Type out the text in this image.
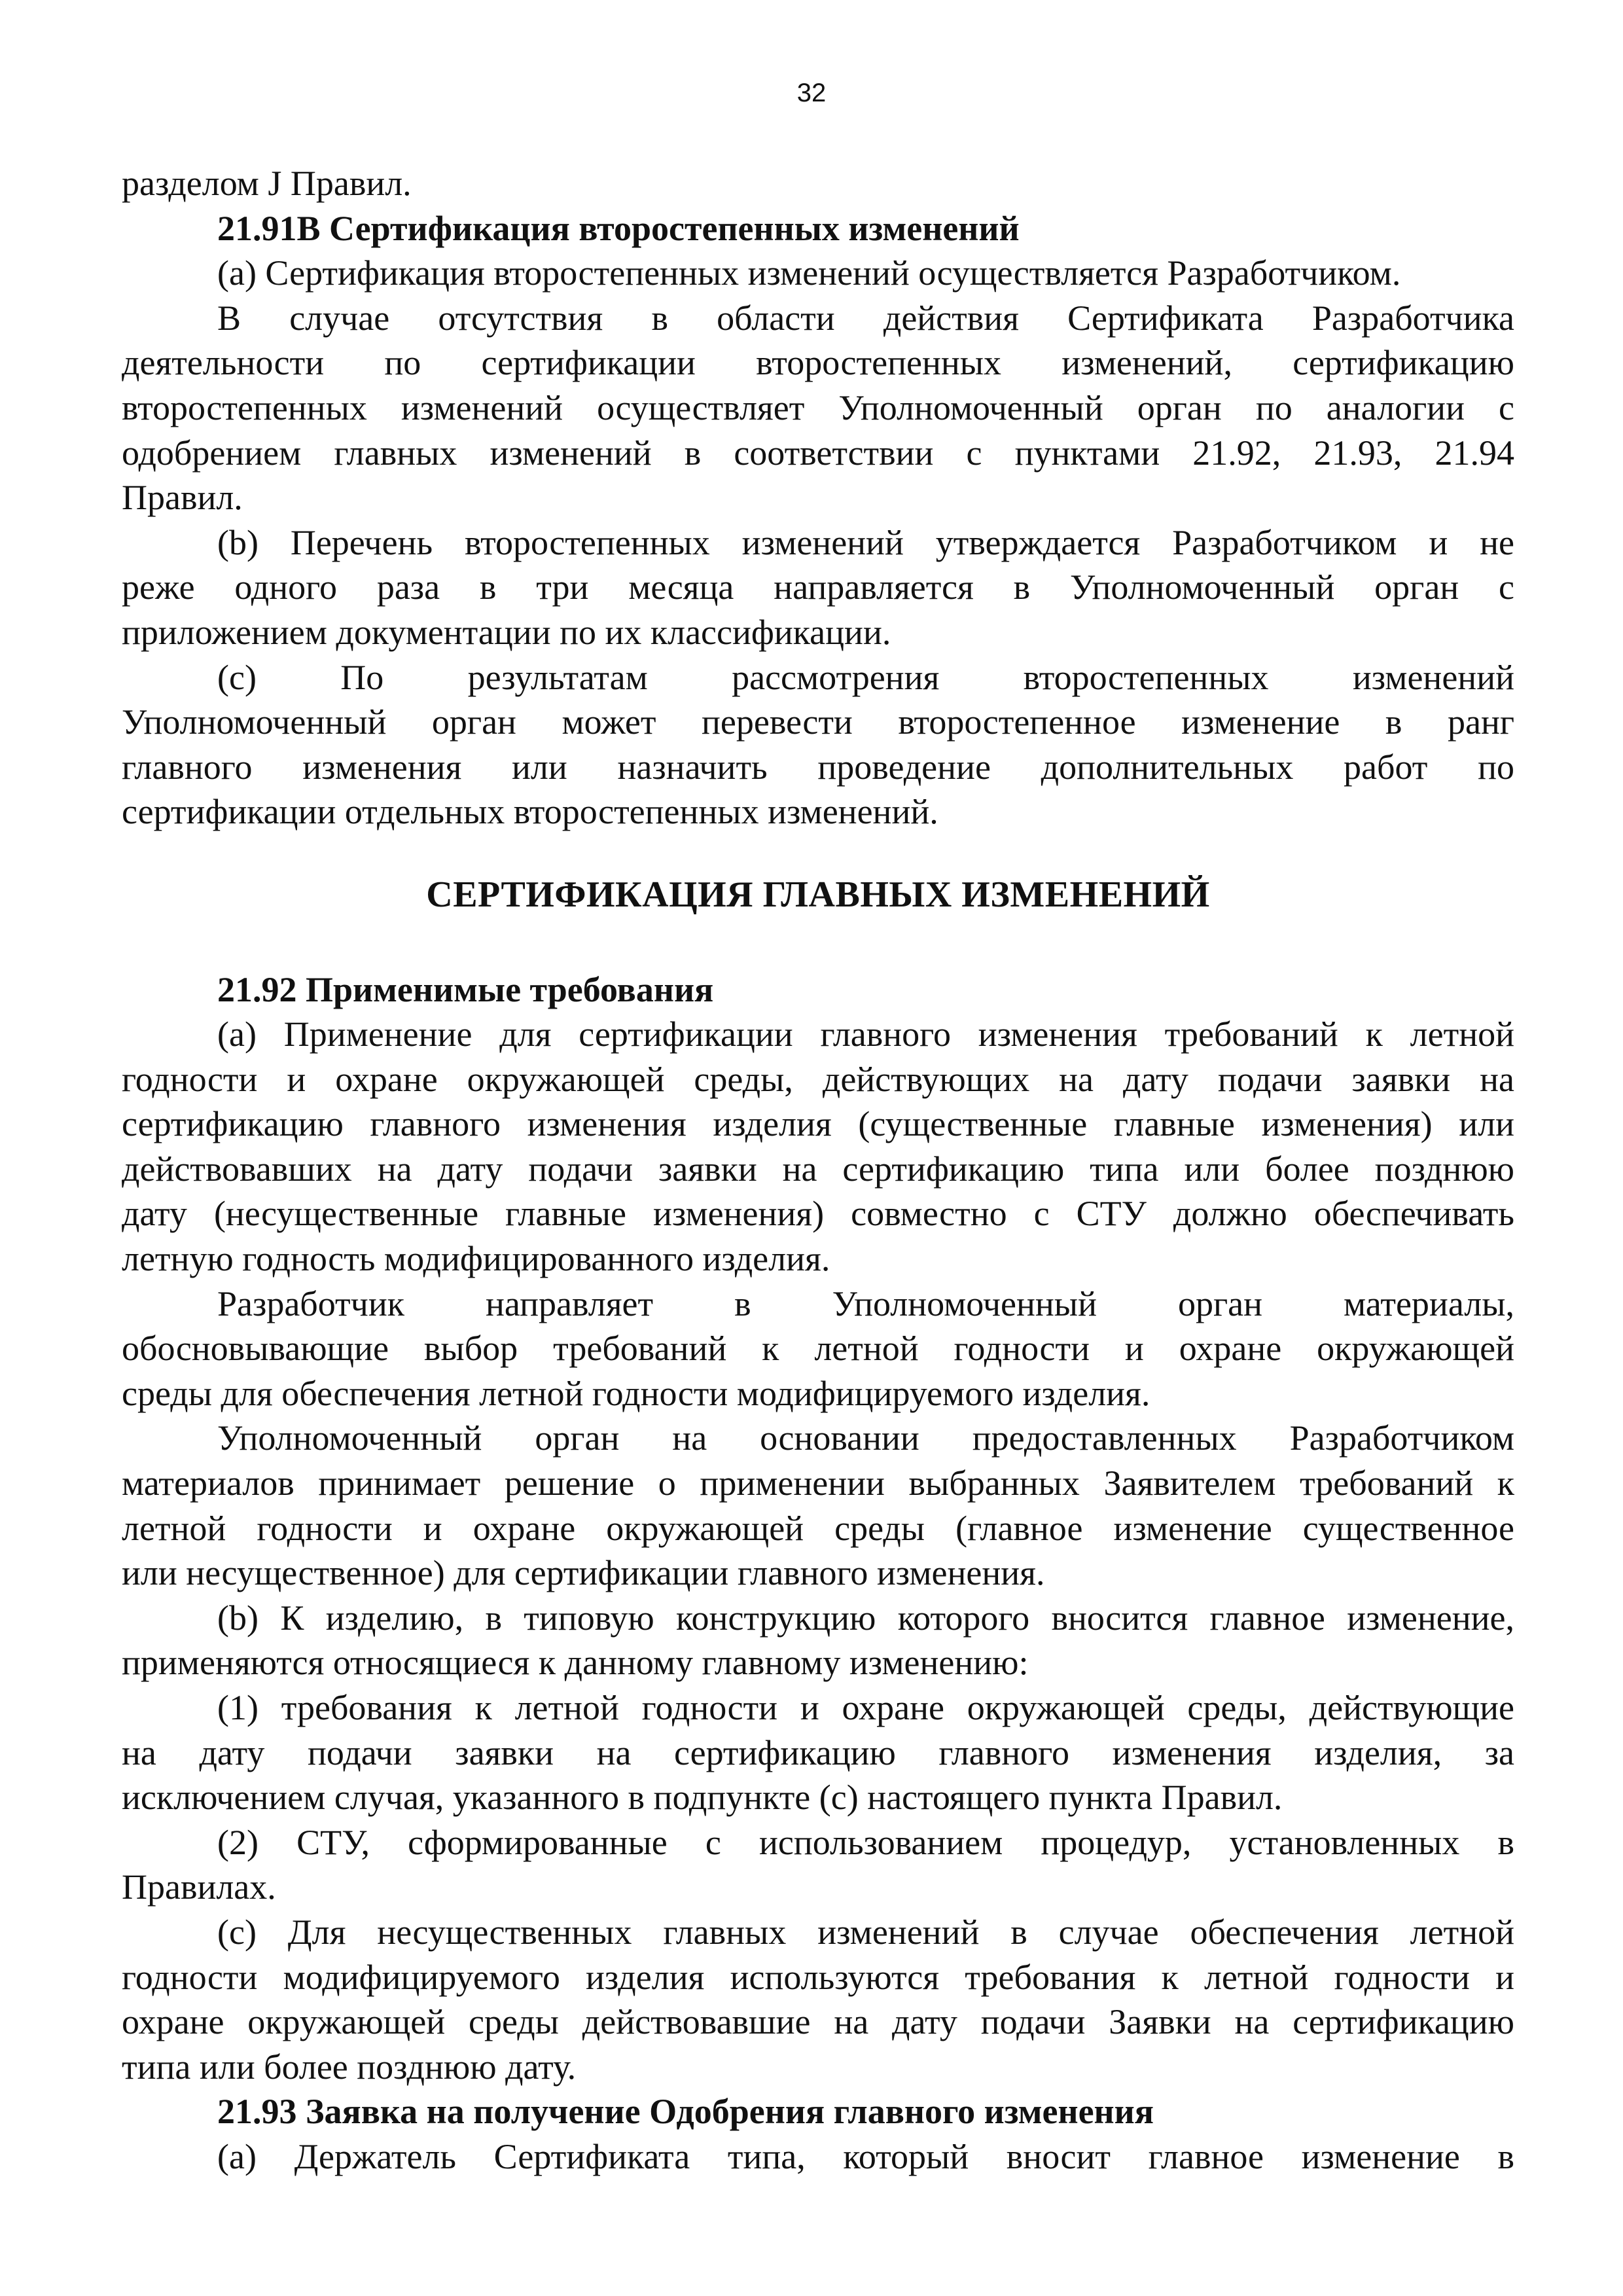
32
разделом J Правил.
21.91B Сертификация второстепенных изменений
(a) Сертификация второстепенных изменений осуществляется Разработчиком.
В случае отсутствия в области действия Сертификата Разработчика
деятельности по сертификации второстепенных изменений, сертификацию
второстепенных изменений осуществляет Уполномоченный орган по аналогии с
одобрением главных изменений в соответствии с пунктами 21.92, 21.93, 21.94
Правил.
(b) Перечень второстепенных изменений утверждается Разработчиком и не
реже одного раза в три месяца направляется в Уполномоченный орган с
приложением документации по их классификации.
(c) По результатам рассмотрения второстепенных изменений
Уполномоченный орган может перевести второстепенное изменение в ранг
главного изменения или назначить проведение дополнительных работ по
сертификации отдельных второстепенных изменений.
СЕРТИФИКАЦИЯ ГЛАВНЫХ ИЗМЕНЕНИЙ
21.92 Применимые требования
(a) Применение для сертификации главного изменения требований к летной
годности и охране окружающей среды, действующих на дату подачи заявки на
сертификацию главного изменения изделия (существенные главные изменения) или
действовавших на дату подачи заявки на сертификацию типа или более позднюю
дату (несущественные главные изменения) совместно с СТУ должно обеспечивать
летную годность модифицированного изделия.
Разработчик направляет в Уполномоченный орган материалы,
обосновывающие выбор требований к летной годности и охране окружающей
среды для обеспечения летной годности модифицируемого изделия.
Уполномоченный орган на основании предоставленных Разработчиком
материалов принимает решение о применении выбранных Заявителем требований к
летной годности и охране окружающей среды (главное изменение существенное
или несущественное) для сертификации главного изменения.
(b) К изделию, в типовую конструкцию которого вносится главное изменение,
применяются относящиеся к данному главному изменению:
(1) требования к летной годности и охране окружающей среды, действующие
на дату подачи заявки на сертификацию главного изменения изделия, за
исключением случая, указанного в подпункте (c) настоящего пункта Правил.
(2) СТУ, сформированные с использованием процедур, установленных в
Правилах.
(c) Для несущественных главных изменений в случае обеспечения летной
годности модифицируемого изделия используются требования к летной годности и
охране окружающей среды действовавшие на дату подачи Заявки на сертификацию
типа или более позднюю дату.
21.93 Заявка на получение Одобрения главного изменения
(a) Держатель Сертификата типа, который вносит главное изменение в
